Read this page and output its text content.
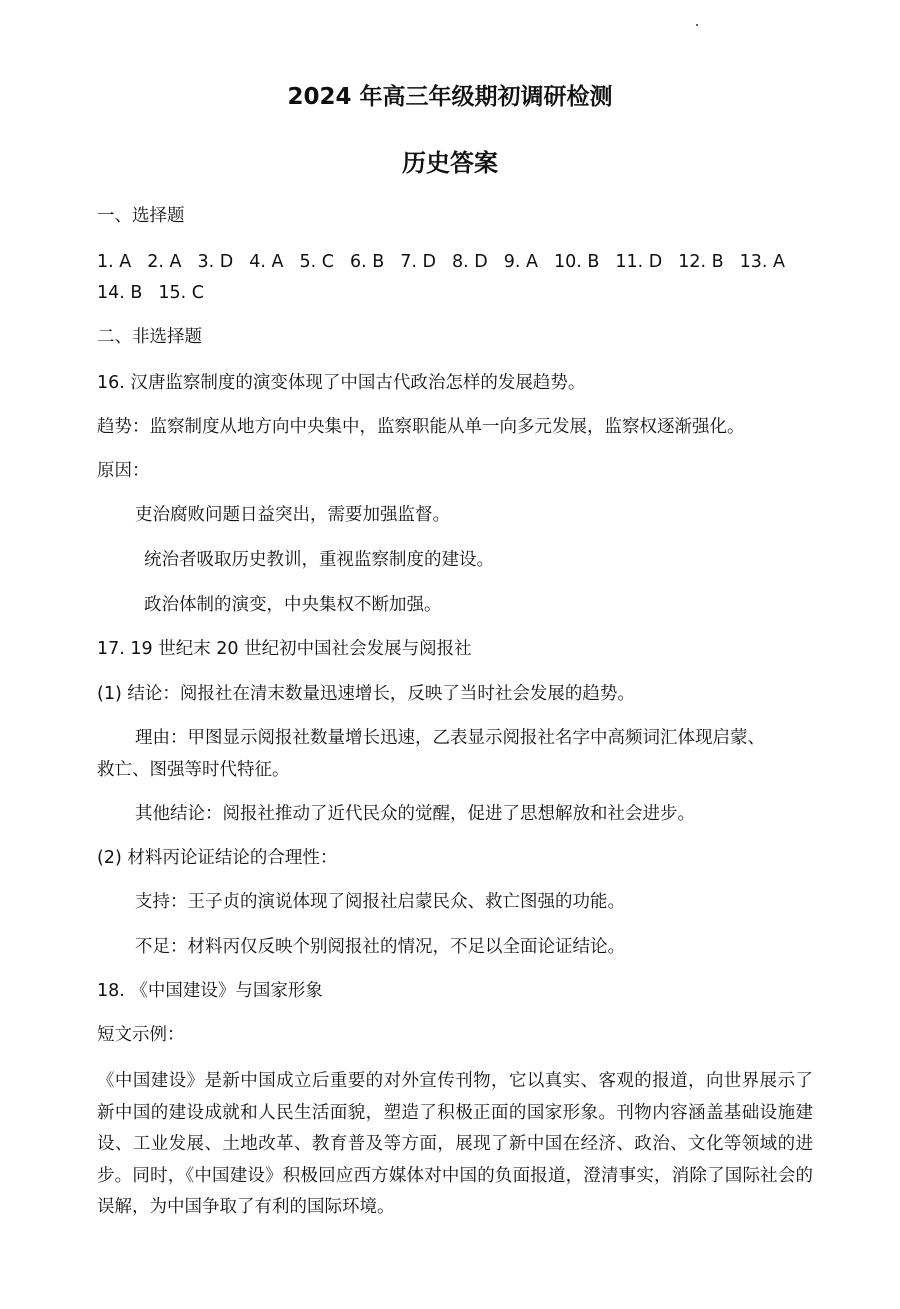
2024 年高三年级期初调研检测
历史答案
一、选择题
1. A 2. A 3. D 4. A 5. C 6. B 7. D 8. D 9. A 10. B 11. D 12. B 13. A14. B 15. C
二、非选择题
16. 汉唐监察制度的演变体现了中国古代政治怎样的发展趋势。
趋势：监察制度从地方向中央集中，监察职能从单一向多元发展，监察权逐渐强化。
原因：
吏治腐败问题日益突出，需要加强监督。
统治者吸取历史教训，重视监察制度的建设。
政治体制的演变，中央集权不断加强。
17. 19 世纪末 20 世纪初中国社会发展与阅报社
(1) 结论：阅报社在清末数量迅速增长，反映了当时社会发展的趋势。
理由：甲图显示阅报社数量增长迅速，乙表显示阅报社名字中高频词汇体现启蒙、
救亡、图强等时代特征。
其他结论：阅报社推动了近代民众的觉醒，促进了思想解放和社会进步。
(2) 材料丙论证结论的合理性：
支持：王子贞的演说体现了阅报社启蒙民众、救亡图强的功能。
不足：材料丙仅反映个别阅报社的情况，不足以全面论证结论。
18. 《中国建设》与国家形象
短文示例：
《中国建设》是新中国成立后重要的对外宣传刊物，它以真实、客观的报道，向世界展示了新中国的建设成就和人民生活面貌，塑造了积极正面的国家形象。刊物内容涵盖基础设施建设、工业发展、土地改革、教育普及等方面，展现了新中国在经济、政治、文化等领域的进步。同时，《中国建设》积极回应西方媒体对中国的负面报道，澄清事实，消除了国际社会的误解，为中国争取了有利的国际环境。
